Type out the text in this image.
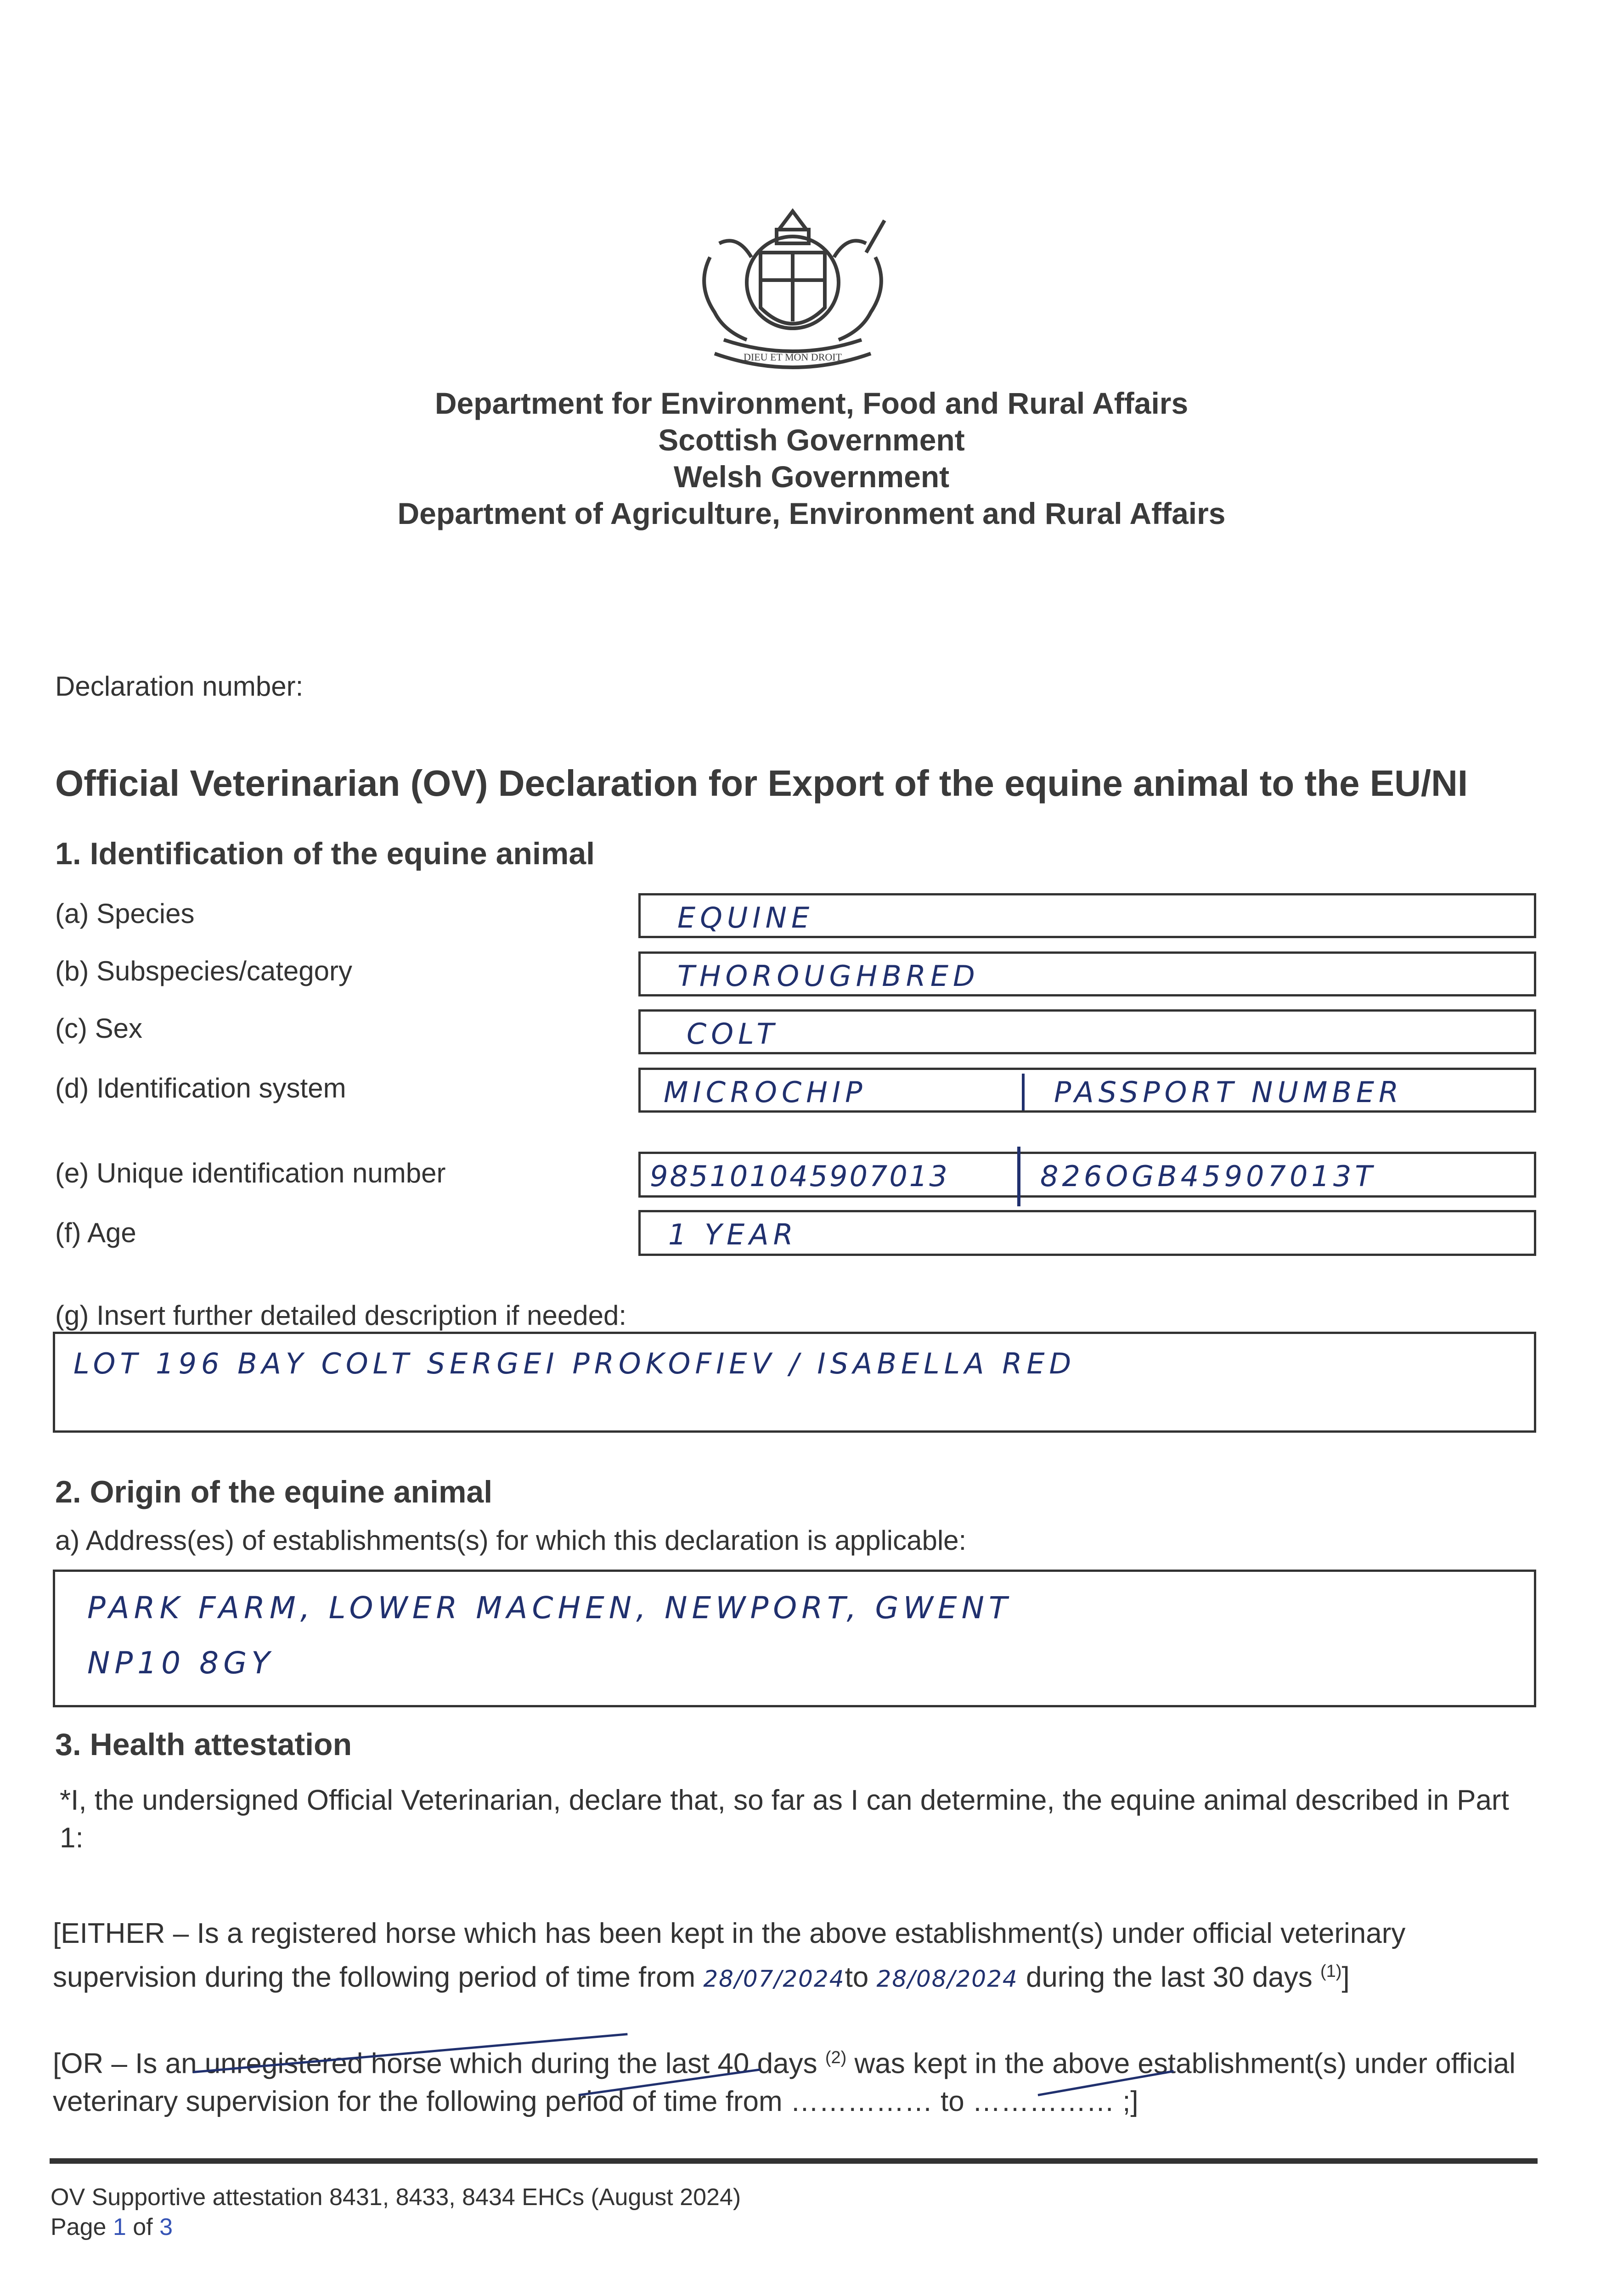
DIEU ET MON DROIT
Department for Environment, Food and Rural Affairs
Scottish Government
Welsh Government
Department of Agriculture, Environment and Rural Affairs
Declaration number:
Official Veterinarian (OV) Declaration for Export of the equine animal to the EU/NI
1. Identification of the equine animal
(a) Species	EQUINE
(b) Subspecies/category	THOROUGHBRED
(c) Sex	COLT
(d) Identification system	MICROCHIP	PASSPORT NUMBER
(e) Unique identification number	985101045907013	826OGB45907013T
(f) Age	1 YEAR
(g) Insert further detailed description if needed:
LOT 196 BAY COLT SERGEI PROKOFIEV / ISABELLA RED
2. Origin of the equine animal
a) Address(es) of establishments(s) for which this declaration is applicable:
PARK FARM, LOWER MACHEN, NEWPORT, GWENT
NP10 8GY
3. Health attestation
*I, the undersigned Official Veterinarian, declare that, so far as I can determine, the equine animal described in Part
1:
[EITHER – Is a registered horse which has been kept in the above establishment(s) under official veterinary
supervision during the following period of time from 28/07/2024to 28/08/2024 during the last 30 days $^{(1)}$]
[OR – Is an unregistered horse which during the last 40 days $^{(2)}$ was kept in the above establishment(s) under official
veterinary supervision for the following period of time from …………… to …………… ;]
OV Supportive attestation 8431, 8433, 8434 EHCs (August 2024)
Page 1 of 3
